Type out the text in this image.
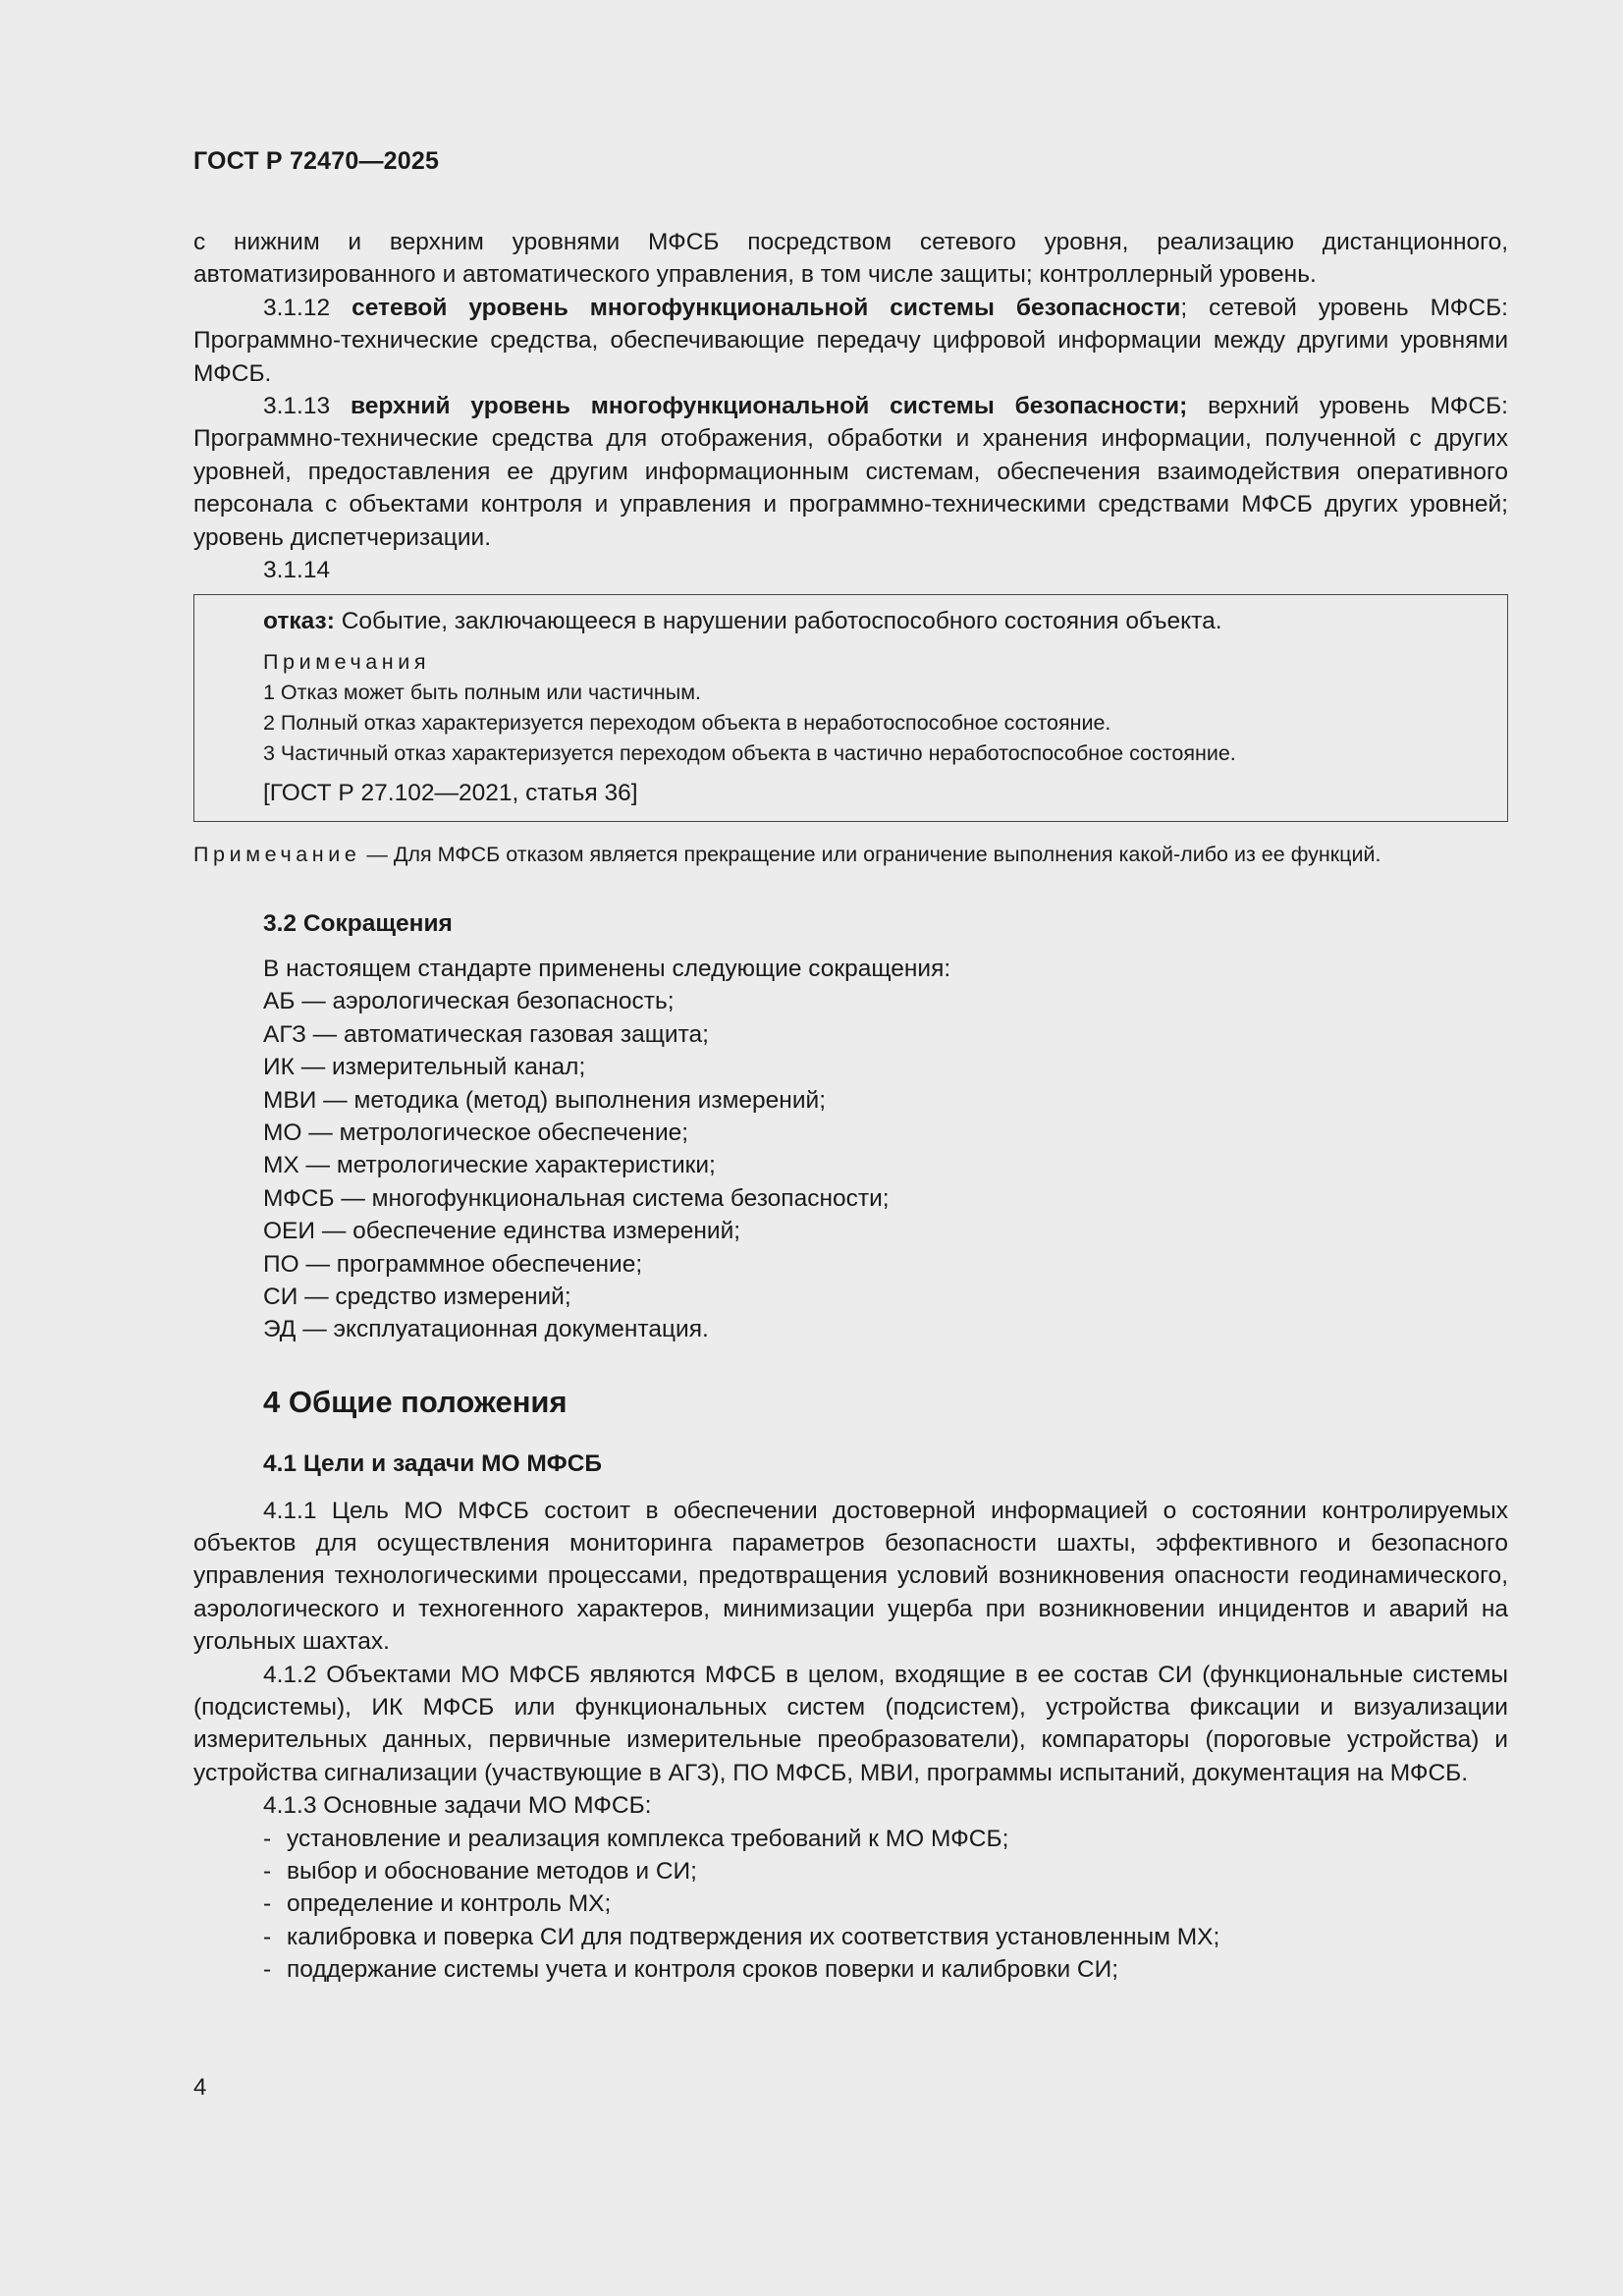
ГОСТ Р 72470—2025

с нижним и верхним уровнями МФСБ посредством сетевого уровня, реализацию дистанционного, автоматизированного и автоматического управления, в том числе защиты; контроллерный уровень.

3.1.12 сетевой уровень многофункциональной системы безопасности; сетевой уровень МФСБ: Программно-технические средства, обеспечивающие передачу цифровой информации между другими уровнями МФСБ.

3.1.13 верхний уровень многофункциональной системы безопасности; верхний уровень МФСБ: Программно-технические средства для отображения, обработки и хранения информации, полученной с других уровней, предоставления ее другим информационным системам, обеспечения взаимодействия оперативного персонала с объектами контроля и управления и программно-техническими средствами МФСБ других уровней; уровень диспетчеризации.

3.1.14

отказ: Событие, заключающееся в нарушении работоспособного состояния объекта.
Примечания
1 Отказ может быть полным или частичным.
2 Полный отказ характеризуется переходом объекта в неработоспособное состояние.
3 Частичный отказ характеризуется переходом объекта в частично неработоспособное состояние.
[ГОСТ Р 27.102—2021, статья 36]

Примечание — Для МФСБ отказом является прекращение или ограничение выполнения какой-либо из ее функций.

3.2 Сокращения

В настоящем стандарте применены следующие сокращения:

АБ — аэрологическая безопасность;

АГЗ — автоматическая газовая защита;

ИК — измерительный канал;

МВИ — методика (метод) выполнения измерений;

МО — метрологическое обеспечение;

МХ — метрологические характеристики;

МФСБ — многофункциональная система безопасности;

ОЕИ — обеспечение единства измерений;

ПО — программное обеспечение;

СИ — средство измерений;

ЭД — эксплуатационная документация.

4 Общие положения

4.1 Цели и задачи МО МФСБ

4.1.1 Цель МО МФСБ состоит в обеспечении достоверной информацией о состоянии контролируемых объектов для осуществления мониторинга параметров безопасности шахты, эффективного и безопасного управления технологическими процессами, предотвращения условий возникновения опасности геодинамического, аэрологического и техногенного характеров, минимизации ущерба при возникновении инцидентов и аварий на угольных шахтах.

4.1.2 Объектами МО МФСБ являются МФСБ в целом, входящие в ее состав СИ (функциональные системы (подсистемы), ИК МФСБ или функциональных систем (подсистем), устройства фиксации и визуализации измерительных данных, первичные измерительные преобразователи), компараторы (пороговые устройства) и устройства сигнализации (участвующие в АГЗ), ПО МФСБ, МВИ, программы испытаний, документация на МФСБ.

4.1.3 Основные задачи МО МФСБ:

- установление и реализация комплекса требований к МО МФСБ;

- выбор и обоснование методов и СИ;

- определение и контроль МХ;

- калибровка и поверка СИ для подтверждения их соответствия установленным МХ;

- поддержание системы учета и контроля сроков поверки и калибровки СИ;

4
